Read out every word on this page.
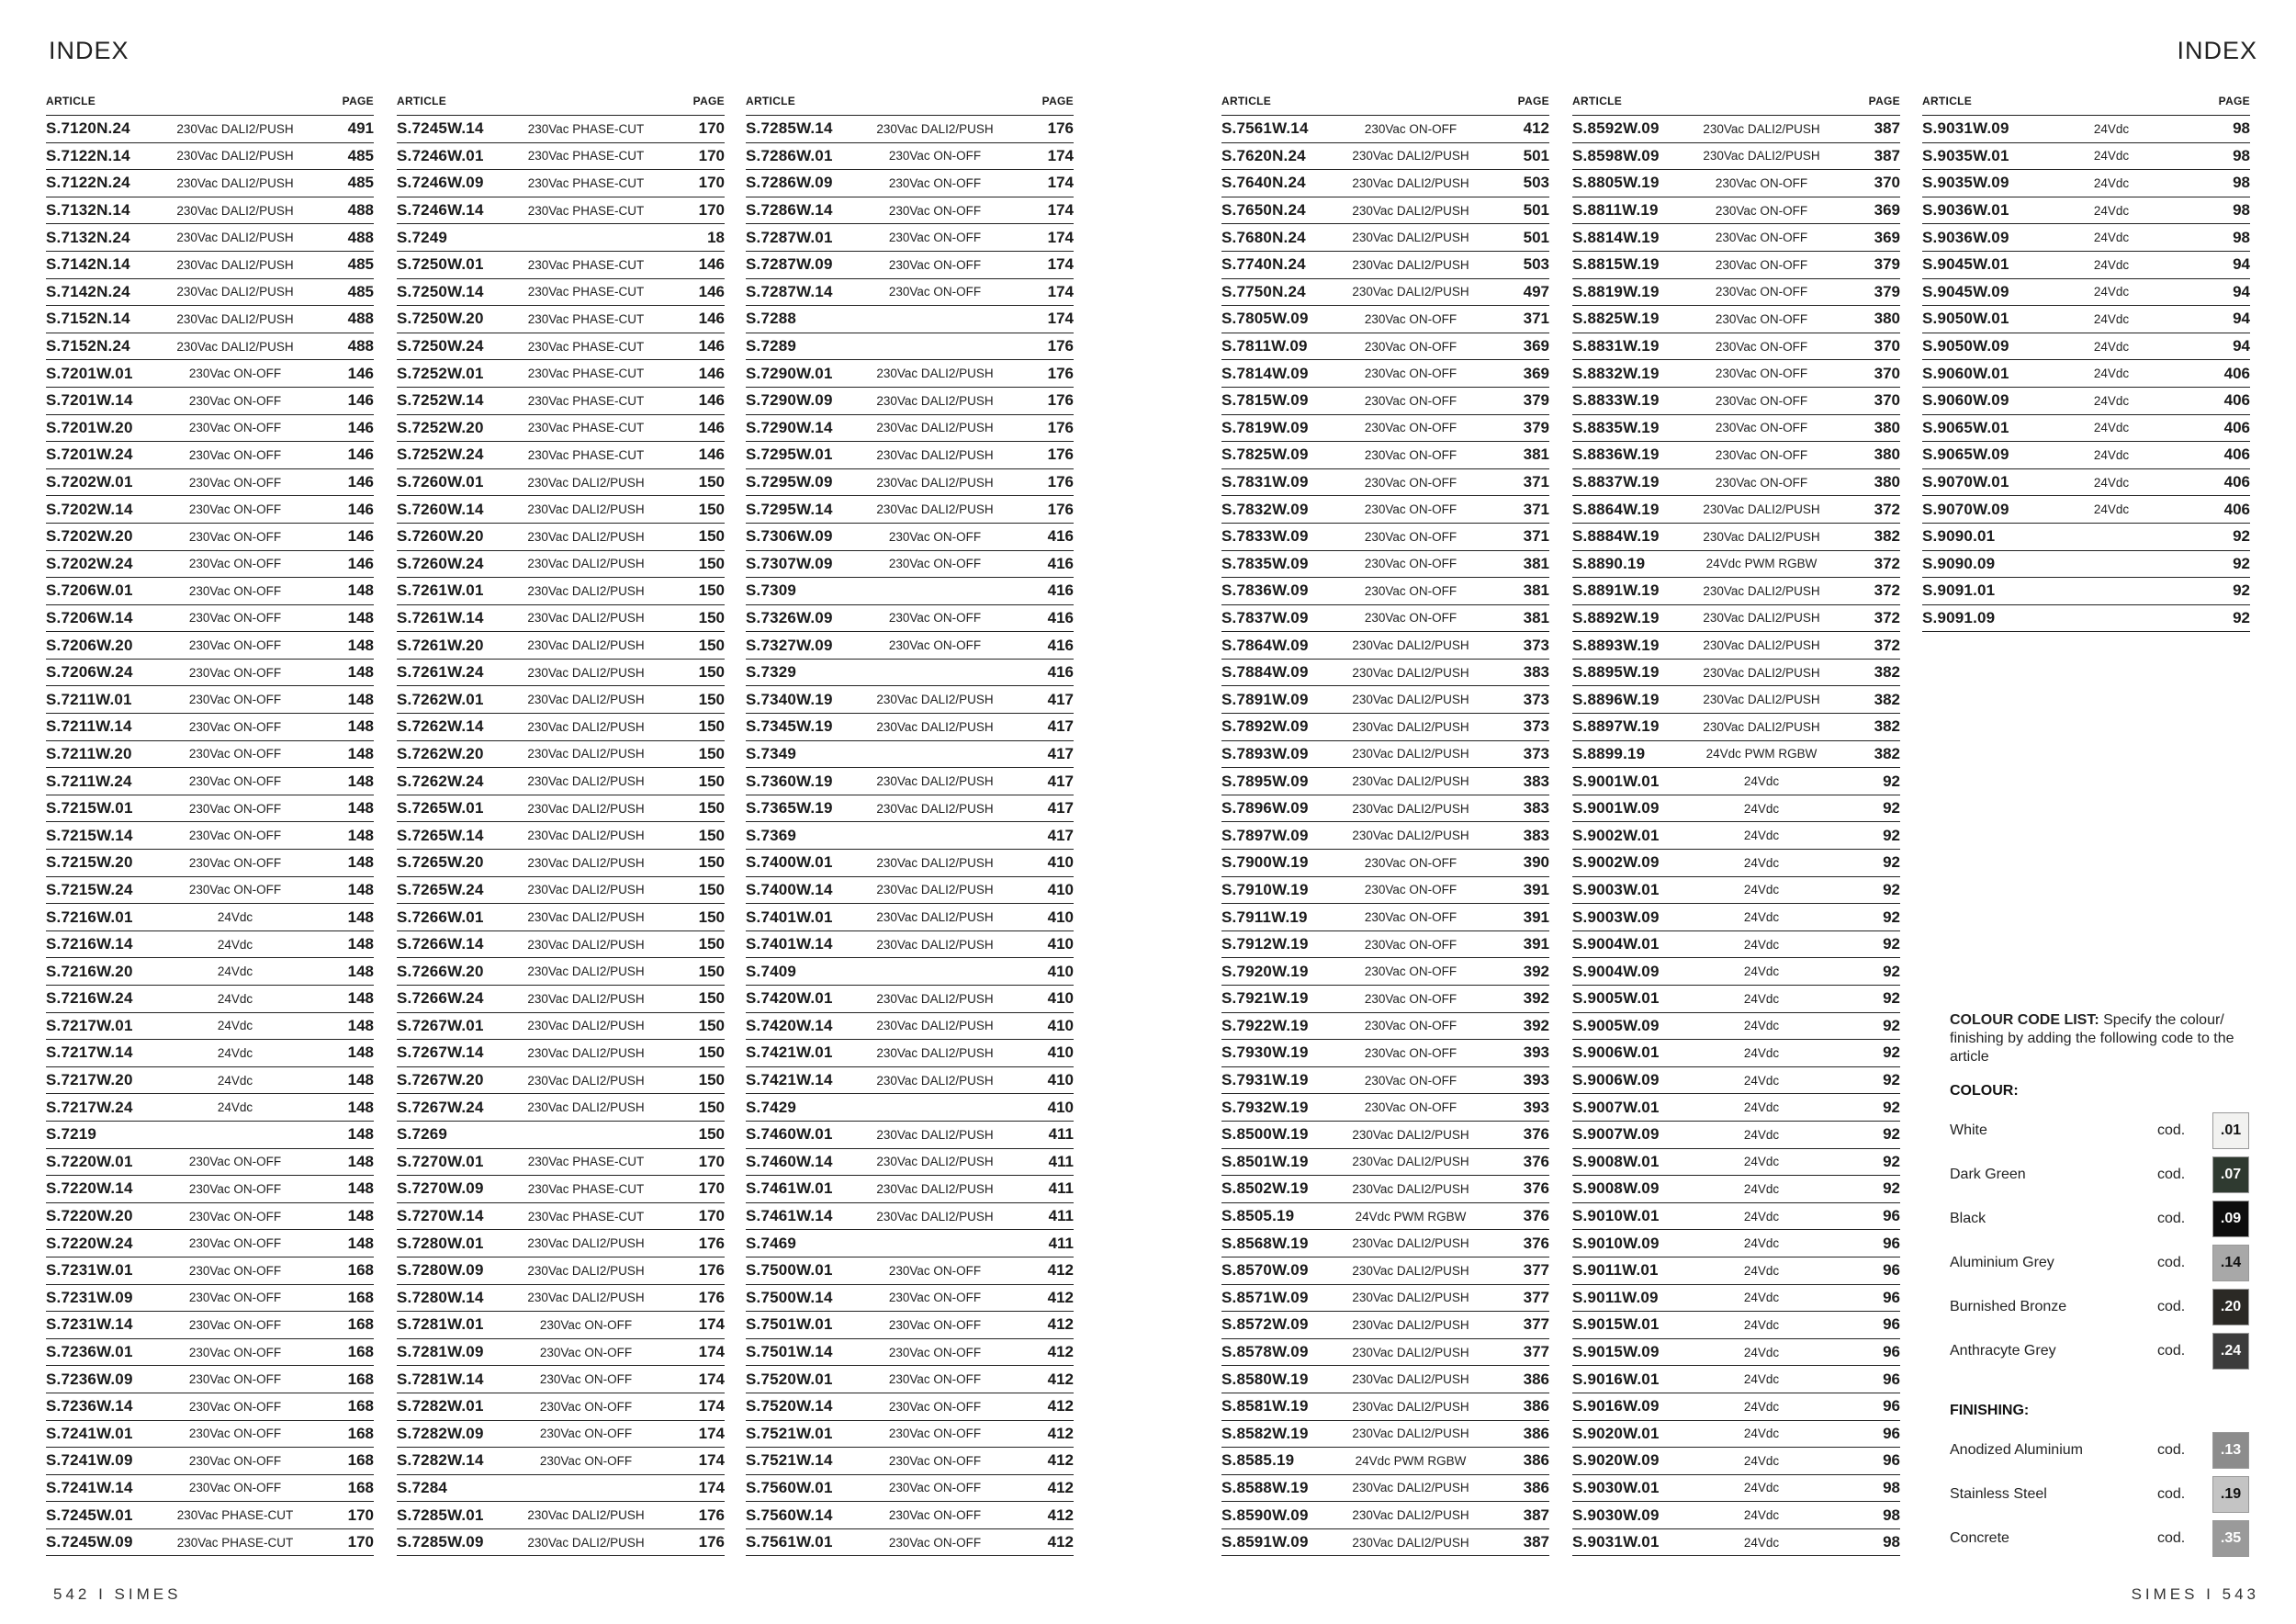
INDEX	INDEX
ARTICLE	PAGE
S.7120N.24	230Vac DALI2/PUSH	491
S.7122N.14	230Vac DALI2/PUSH	485
S.7122N.24	230Vac DALI2/PUSH	485
S.7132N.14	230Vac DALI2/PUSH	488
S.7132N.24	230Vac DALI2/PUSH	488
S.7142N.14	230Vac DALI2/PUSH	485
S.7142N.24	230Vac DALI2/PUSH	485
S.7152N.14	230Vac DALI2/PUSH	488
S.7152N.24	230Vac DALI2/PUSH	488
S.7201W.01	230Vac ON-OFF	146
S.7201W.14	230Vac ON-OFF	146
S.7201W.20	230Vac ON-OFF	146
S.7201W.24	230Vac ON-OFF	146
S.7202W.01	230Vac ON-OFF	146
S.7202W.14	230Vac ON-OFF	146
S.7202W.20	230Vac ON-OFF	146
S.7202W.24	230Vac ON-OFF	146
S.7206W.01	230Vac ON-OFF	148
S.7206W.14	230Vac ON-OFF	148
S.7206W.20	230Vac ON-OFF	148
S.7206W.24	230Vac ON-OFF	148
S.7211W.01	230Vac ON-OFF	148
S.7211W.14	230Vac ON-OFF	148
S.7211W.20	230Vac ON-OFF	148
S.7211W.24	230Vac ON-OFF	148
S.7215W.01	230Vac ON-OFF	148
S.7215W.14	230Vac ON-OFF	148
S.7215W.20	230Vac ON-OFF	148
S.7215W.24	230Vac ON-OFF	148
S.7216W.01	24Vdc	148
S.7216W.14	24Vdc	148
S.7216W.20	24Vdc	148
S.7216W.24	24Vdc	148
S.7217W.01	24Vdc	148
S.7217W.14	24Vdc	148
S.7217W.20	24Vdc	148
S.7217W.24	24Vdc	148
S.7219	148
S.7220W.01	230Vac ON-OFF	148
S.7220W.14	230Vac ON-OFF	148
S.7220W.20	230Vac ON-OFF	148
S.7220W.24	230Vac ON-OFF	148
S.7231W.01	230Vac ON-OFF	168
S.7231W.09	230Vac ON-OFF	168
S.7231W.14	230Vac ON-OFF	168
S.7236W.01	230Vac ON-OFF	168
S.7236W.09	230Vac ON-OFF	168
S.7236W.14	230Vac ON-OFF	168
S.7241W.01	230Vac ON-OFF	168
S.7241W.09	230Vac ON-OFF	168
S.7241W.14	230Vac ON-OFF	168
S.7245W.01	230Vac PHASE-CUT	170
S.7245W.09	230Vac PHASE-CUT	170
ARTICLE	PAGE
S.7245W.14	230Vac PHASE-CUT	170
S.7246W.01	230Vac PHASE-CUT	170
S.7246W.09	230Vac PHASE-CUT	170
S.7246W.14	230Vac PHASE-CUT	170
S.7249	18
S.7250W.01	230Vac PHASE-CUT	146
S.7250W.14	230Vac PHASE-CUT	146
S.7250W.20	230Vac PHASE-CUT	146
S.7250W.24	230Vac PHASE-CUT	146
S.7252W.01	230Vac PHASE-CUT	146
S.7252W.14	230Vac PHASE-CUT	146
S.7252W.20	230Vac PHASE-CUT	146
S.7252W.24	230Vac PHASE-CUT	146
S.7260W.01	230Vac DALI2/PUSH	150
S.7260W.14	230Vac DALI2/PUSH	150
S.7260W.20	230Vac DALI2/PUSH	150
S.7260W.24	230Vac DALI2/PUSH	150
S.7261W.01	230Vac DALI2/PUSH	150
S.7261W.14	230Vac DALI2/PUSH	150
S.7261W.20	230Vac DALI2/PUSH	150
S.7261W.24	230Vac DALI2/PUSH	150
S.7262W.01	230Vac DALI2/PUSH	150
S.7262W.14	230Vac DALI2/PUSH	150
S.7262W.20	230Vac DALI2/PUSH	150
S.7262W.24	230Vac DALI2/PUSH	150
S.7265W.01	230Vac DALI2/PUSH	150
S.7265W.14	230Vac DALI2/PUSH	150
S.7265W.20	230Vac DALI2/PUSH	150
S.7265W.24	230Vac DALI2/PUSH	150
S.7266W.01	230Vac DALI2/PUSH	150
S.7266W.14	230Vac DALI2/PUSH	150
S.7266W.20	230Vac DALI2/PUSH	150
S.7266W.24	230Vac DALI2/PUSH	150
S.7267W.01	230Vac DALI2/PUSH	150
S.7267W.14	230Vac DALI2/PUSH	150
S.7267W.20	230Vac DALI2/PUSH	150
S.7267W.24	230Vac DALI2/PUSH	150
S.7269	150
S.7270W.01	230Vac PHASE-CUT	170
S.7270W.09	230Vac PHASE-CUT	170
S.7270W.14	230Vac PHASE-CUT	170
S.7280W.01	230Vac DALI2/PUSH	176
S.7280W.09	230Vac DALI2/PUSH	176
S.7280W.14	230Vac DALI2/PUSH	176
S.7281W.01	230Vac ON-OFF	174
S.7281W.09	230Vac ON-OFF	174
S.7281W.14	230Vac ON-OFF	174
S.7282W.01	230Vac ON-OFF	174
S.7282W.09	230Vac ON-OFF	174
S.7282W.14	230Vac ON-OFF	174
S.7284	174
S.7285W.01	230Vac DALI2/PUSH	176
S.7285W.09	230Vac DALI2/PUSH	176
ARTICLE	PAGE
S.7285W.14	230Vac DALI2/PUSH	176
S.7286W.01	230Vac ON-OFF	174
S.7286W.09	230Vac ON-OFF	174
S.7286W.14	230Vac ON-OFF	174
S.7287W.01	230Vac ON-OFF	174
S.7287W.09	230Vac ON-OFF	174
S.7287W.14	230Vac ON-OFF	174
S.7288	174
S.7289	176
S.7290W.01	230Vac DALI2/PUSH	176
S.7290W.09	230Vac DALI2/PUSH	176
S.7290W.14	230Vac DALI2/PUSH	176
S.7295W.01	230Vac DALI2/PUSH	176
S.7295W.09	230Vac DALI2/PUSH	176
S.7295W.14	230Vac DALI2/PUSH	176
S.7306W.09	230Vac ON-OFF	416
S.7307W.09	230Vac ON-OFF	416
S.7309	416
S.7326W.09	230Vac ON-OFF	416
S.7327W.09	230Vac ON-OFF	416
S.7329	416
S.7340W.19	230Vac DALI2/PUSH	417
S.7345W.19	230Vac DALI2/PUSH	417
S.7349	417
S.7360W.19	230Vac DALI2/PUSH	417
S.7365W.19	230Vac DALI2/PUSH	417
S.7369	417
S.7400W.01	230Vac DALI2/PUSH	410
S.7400W.14	230Vac DALI2/PUSH	410
S.7401W.01	230Vac DALI2/PUSH	410
S.7401W.14	230Vac DALI2/PUSH	410
S.7409	410
S.7420W.01	230Vac DALI2/PUSH	410
S.7420W.14	230Vac DALI2/PUSH	410
S.7421W.01	230Vac DALI2/PUSH	410
S.7421W.14	230Vac DALI2/PUSH	410
S.7429	410
S.7460W.01	230Vac DALI2/PUSH	411
S.7460W.14	230Vac DALI2/PUSH	411
S.7461W.01	230Vac DALI2/PUSH	411
S.7461W.14	230Vac DALI2/PUSH	411
S.7469	411
S.7500W.01	230Vac ON-OFF	412
S.7500W.14	230Vac ON-OFF	412
S.7501W.01	230Vac ON-OFF	412
S.7501W.14	230Vac ON-OFF	412
S.7520W.01	230Vac ON-OFF	412
S.7520W.14	230Vac ON-OFF	412
S.7521W.01	230Vac ON-OFF	412
S.7521W.14	230Vac ON-OFF	412
S.7560W.01	230Vac ON-OFF	412
S.7560W.14	230Vac ON-OFF	412
S.7561W.01	230Vac ON-OFF	412
ARTICLE	PAGE
S.7561W.14	230Vac ON-OFF	412
S.7620N.24	230Vac DALI2/PUSH	501
S.7640N.24	230Vac DALI2/PUSH	503
S.7650N.24	230Vac DALI2/PUSH	501
S.7680N.24	230Vac DALI2/PUSH	501
S.7740N.24	230Vac DALI2/PUSH	503
S.7750N.24	230Vac DALI2/PUSH	497
S.7805W.09	230Vac ON-OFF	371
S.7811W.09	230Vac ON-OFF	369
S.7814W.09	230Vac ON-OFF	369
S.7815W.09	230Vac ON-OFF	379
S.7819W.09	230Vac ON-OFF	379
S.7825W.09	230Vac ON-OFF	381
S.7831W.09	230Vac ON-OFF	371
S.7832W.09	230Vac ON-OFF	371
S.7833W.09	230Vac ON-OFF	371
S.7835W.09	230Vac ON-OFF	381
S.7836W.09	230Vac ON-OFF	381
S.7837W.09	230Vac ON-OFF	381
S.7864W.09	230Vac DALI2/PUSH	373
S.7884W.09	230Vac DALI2/PUSH	383
S.7891W.09	230Vac DALI2/PUSH	373
S.7892W.09	230Vac DALI2/PUSH	373
S.7893W.09	230Vac DALI2/PUSH	373
S.7895W.09	230Vac DALI2/PUSH	383
S.7896W.09	230Vac DALI2/PUSH	383
S.7897W.09	230Vac DALI2/PUSH	383
S.7900W.19	230Vac ON-OFF	390
S.7910W.19	230Vac ON-OFF	391
S.7911W.19	230Vac ON-OFF	391
S.7912W.19	230Vac ON-OFF	391
S.7920W.19	230Vac ON-OFF	392
S.7921W.19	230Vac ON-OFF	392
S.7922W.19	230Vac ON-OFF	392
S.7930W.19	230Vac ON-OFF	393
S.7931W.19	230Vac ON-OFF	393
S.7932W.19	230Vac ON-OFF	393
S.8500W.19	230Vac DALI2/PUSH	376
S.8501W.19	230Vac DALI2/PUSH	376
S.8502W.19	230Vac DALI2/PUSH	376
S.8505.19	24Vdc PWM RGBW	376
S.8568W.19	230Vac DALI2/PUSH	376
S.8570W.09	230Vac DALI2/PUSH	377
S.8571W.09	230Vac DALI2/PUSH	377
S.8572W.09	230Vac DALI2/PUSH	377
S.8578W.09	230Vac DALI2/PUSH	377
S.8580W.19	230Vac DALI2/PUSH	386
S.8581W.19	230Vac DALI2/PUSH	386
S.8582W.19	230Vac DALI2/PUSH	386
S.8585.19	24Vdc PWM RGBW	386
S.8588W.19	230Vac DALI2/PUSH	386
S.8590W.09	230Vac DALI2/PUSH	387
S.8591W.09	230Vac DALI2/PUSH	387
ARTICLE	PAGE
S.8592W.09	230Vac DALI2/PUSH	387
S.8598W.09	230Vac DALI2/PUSH	387
S.8805W.19	230Vac ON-OFF	370
S.8811W.19	230Vac ON-OFF	369
S.8814W.19	230Vac ON-OFF	369
S.8815W.19	230Vac ON-OFF	379
S.8819W.19	230Vac ON-OFF	379
S.8825W.19	230Vac ON-OFF	380
S.8831W.19	230Vac ON-OFF	370
S.8832W.19	230Vac ON-OFF	370
S.8833W.19	230Vac ON-OFF	370
S.8835W.19	230Vac ON-OFF	380
S.8836W.19	230Vac ON-OFF	380
S.8837W.19	230Vac ON-OFF	380
S.8864W.19	230Vac DALI2/PUSH	372
S.8884W.19	230Vac DALI2/PUSH	382
S.8890.19	24Vdc PWM RGBW	372
S.8891W.19	230Vac DALI2/PUSH	372
S.8892W.19	230Vac DALI2/PUSH	372
S.8893W.19	230Vac DALI2/PUSH	372
S.8895W.19	230Vac DALI2/PUSH	382
S.8896W.19	230Vac DALI2/PUSH	382
S.8897W.19	230Vac DALI2/PUSH	382
S.8899.19	24Vdc PWM RGBW	382
S.9001W.01	24Vdc	92
S.9001W.09	24Vdc	92
S.9002W.01	24Vdc	92
S.9002W.09	24Vdc	92
S.9003W.01	24Vdc	92
S.9003W.09	24Vdc	92
S.9004W.01	24Vdc	92
S.9004W.09	24Vdc	92
S.9005W.01	24Vdc	92
S.9005W.09	24Vdc	92
S.9006W.01	24Vdc	92
S.9006W.09	24Vdc	92
S.9007W.01	24Vdc	92
S.9007W.09	24Vdc	92
S.9008W.01	24Vdc	92
S.9008W.09	24Vdc	92
S.9010W.01	24Vdc	96
S.9010W.09	24Vdc	96
S.9011W.01	24Vdc	96
S.9011W.09	24Vdc	96
S.9015W.01	24Vdc	96
S.9015W.09	24Vdc	96
S.9016W.01	24Vdc	96
S.9016W.09	24Vdc	96
S.9020W.01	24Vdc	96
S.9020W.09	24Vdc	96
S.9030W.01	24Vdc	98
S.9030W.09	24Vdc	98
S.9031W.01	24Vdc	98
ARTICLE	PAGE
S.9031W.09	24Vdc	98
S.9035W.01	24Vdc	98
S.9035W.09	24Vdc	98
S.9036W.01	24Vdc	98
S.9036W.09	24Vdc	98
S.9045W.01	24Vdc	94
S.9045W.09	24Vdc	94
S.9050W.01	24Vdc	94
S.9050W.09	24Vdc	94
S.9060W.01	24Vdc	406
S.9060W.09	24Vdc	406
S.9065W.01	24Vdc	406
S.9065W.09	24Vdc	406
S.9070W.01	24Vdc	406
S.9070W.09	24Vdc	406
S.9090.01	92
S.9090.09	92
S.9091.01	92
S.9091.09	92
COLOUR CODE LIST: Specify the colour/ finishing by adding the following code to the article
COLOUR:
White	cod.	.01
Dark Green	cod.	.07
Black	cod.	.09
Aluminium Grey	cod.	.14
Burnished Bronze	cod.	.20
Anthracyte Grey	cod.	.24
FINISHING:
Anodized Aluminium	cod.	.13
Stainless Steel	cod.	.19
Concrete	cod.	.35
542 I SIMES	SIMES I 543
